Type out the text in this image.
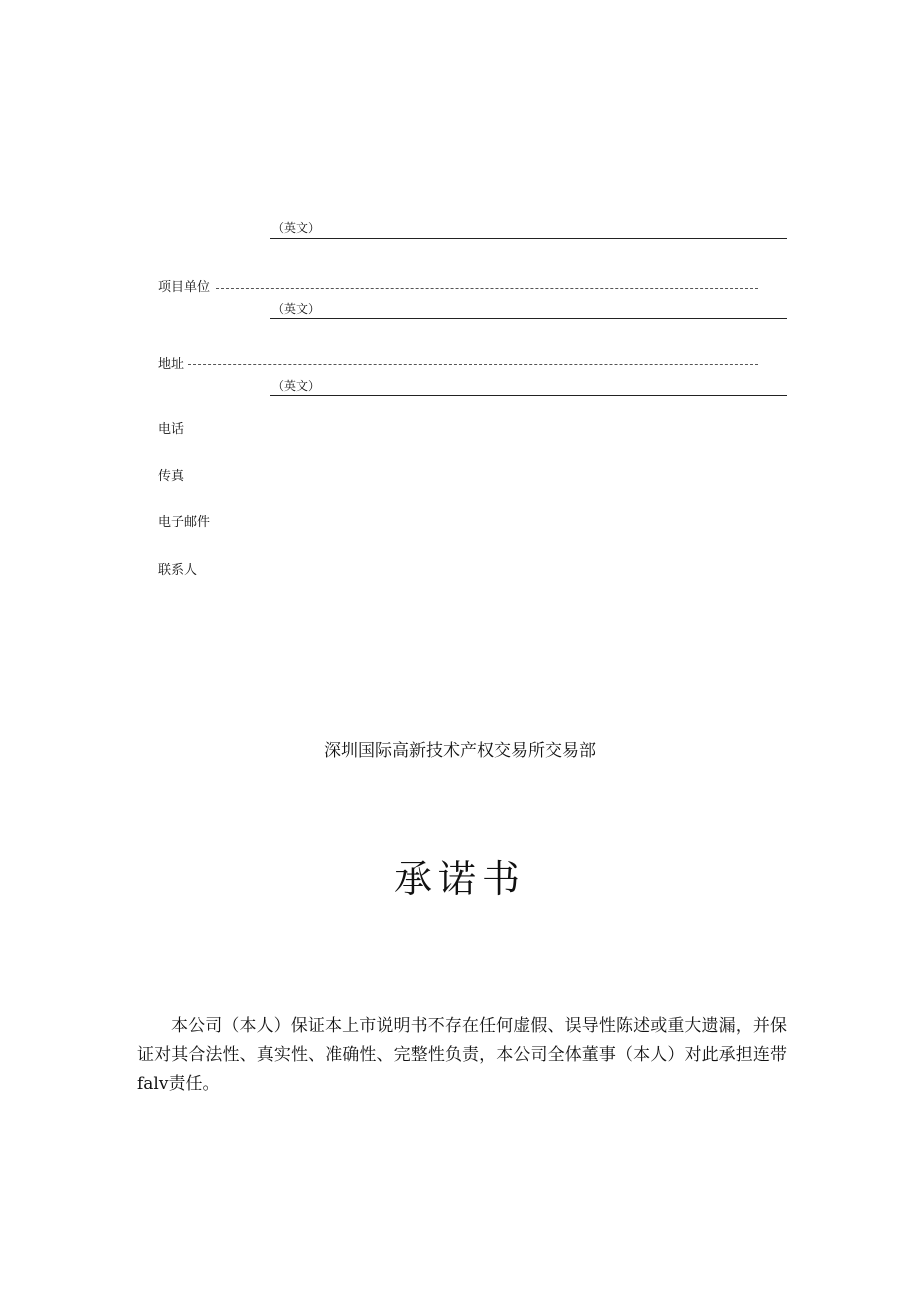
（英文）
项目单位
（英文）
地址
（英文）
电话
传真
电子邮件
联系人
深圳国际高新技术产权交易所交易部
承诺书
本公司（本人）保证本上市说明书不存在任何虚假、误导性陈述或重大遗漏，并保证对其合法性、真实性、准确性、完整性负责，本公司全体董事（本人）对此承担连带falv责任。
